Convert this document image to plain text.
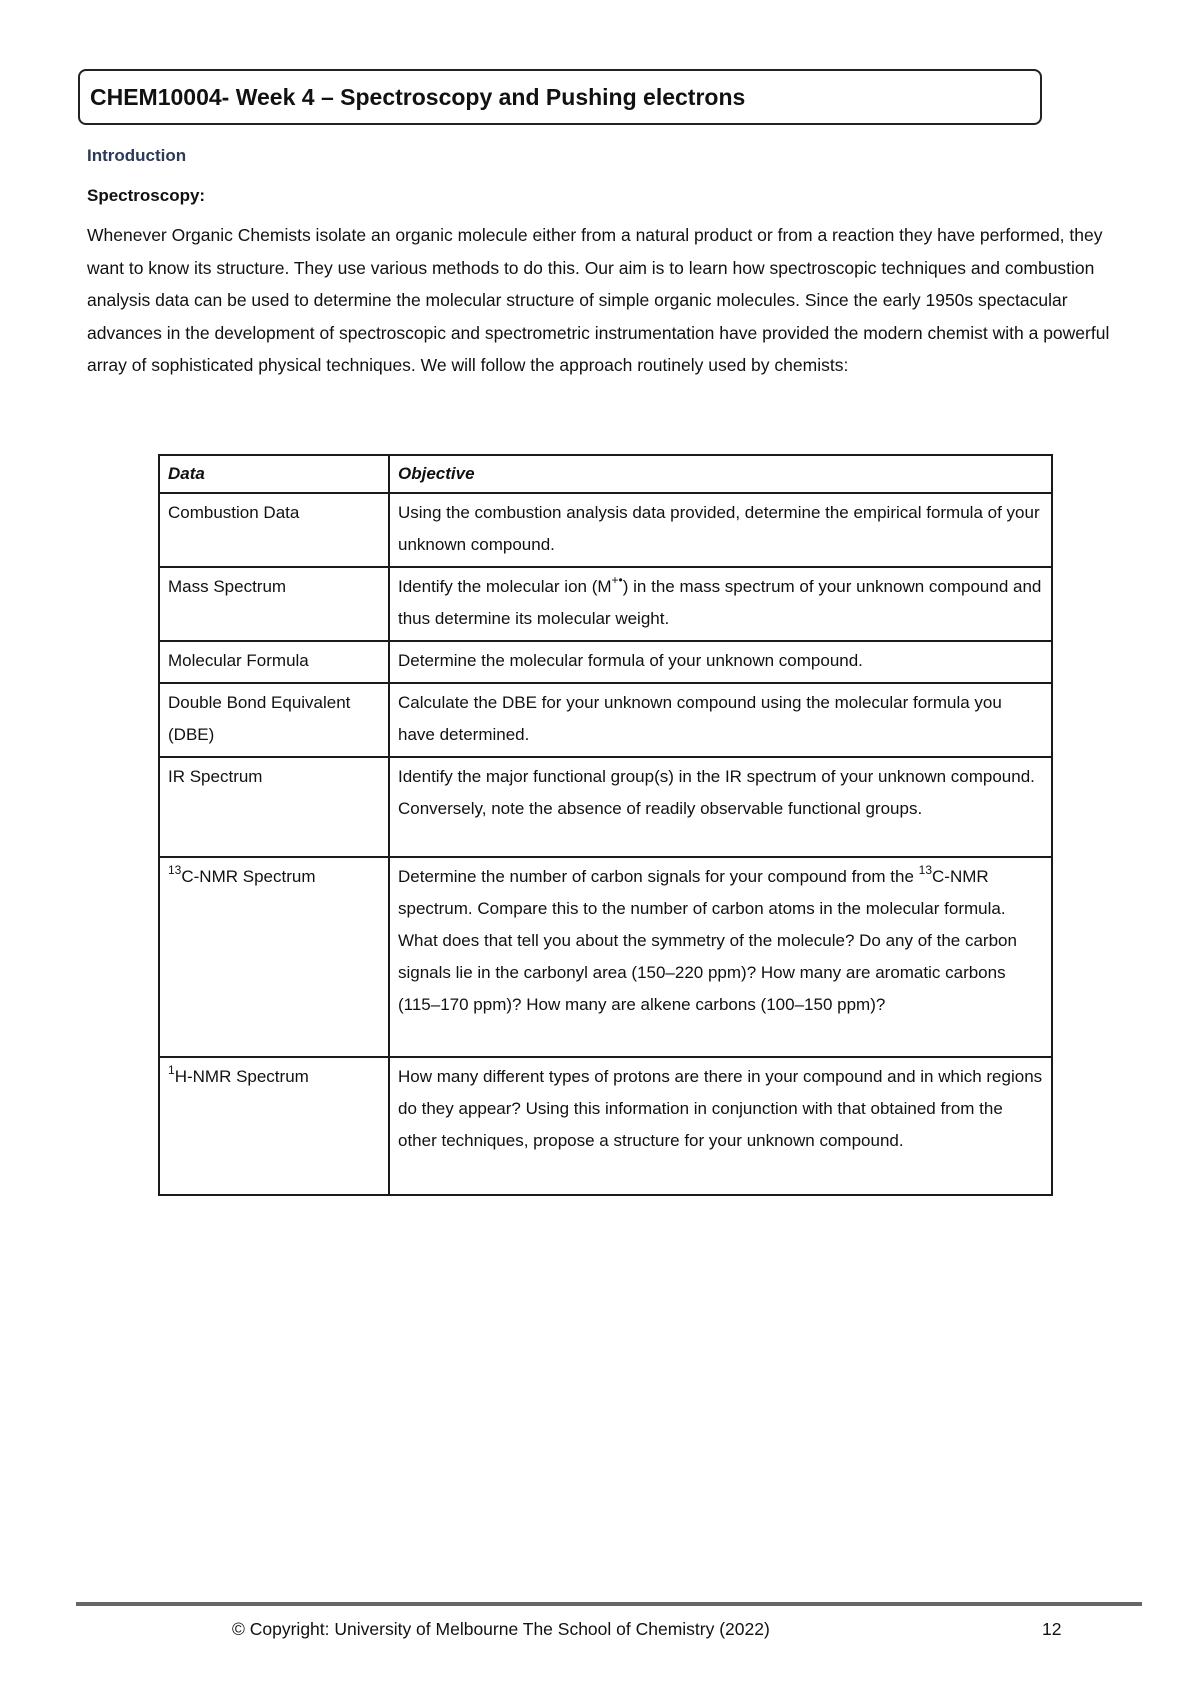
CHEM10004- Week 4 – Spectroscopy and Pushing electrons
Introduction
Spectroscopy:

Whenever Organic Chemists isolate an organic molecule either from a natural product or from a reaction they have performed, they want to know its structure. They use various methods to do this. Our aim is to learn how spectroscopic techniques and combustion analysis data can be used to determine the molecular structure of simple organic molecules. Since the early 1950s spectacular advances in the development of spectroscopic and spectrometric instrumentation have provided the modern chemist with a powerful array of sophisticated physical techniques. We will follow the approach routinely used by chemists:

Data	Objective
Combustion Data	Using the combustion analysis data provided, determine the empirical formula of your unknown compound.
Mass Spectrum	Identify the molecular ion (M+•) in the mass spectrum of your unknown compound and thus determine its molecular weight.
Molecular Formula	Determine the molecular formula of your unknown compound.
Double Bond Equivalent (DBE)	Calculate the DBE for your unknown compound using the molecular formula you have determined.
IR Spectrum	Identify the major functional group(s) in the IR spectrum of your unknown compound. Conversely, note the absence of readily observable functional groups.
$^{13}$C-NMR Spectrum	Determine the number of carbon signals for your compound from the $^{13}$C-NMR spectrum. Compare this to the number of carbon atoms in the molecular formula. What does that tell you about the symmetry of the molecule? Do any of the carbon signals lie in the carbonyl area (150–220 ppm)? How many are aromatic carbons (115–170 ppm)? How many are alkene carbons (100–150 ppm)?
$^1$H-NMR Spectrum	How many different types of protons are there in your compound and in which regions do they appear? Using this information in conjunction with that obtained from the other techniques, propose a structure for your unknown compound.
© Copyright: University of Melbourne The School of Chemistry (2022)	12
